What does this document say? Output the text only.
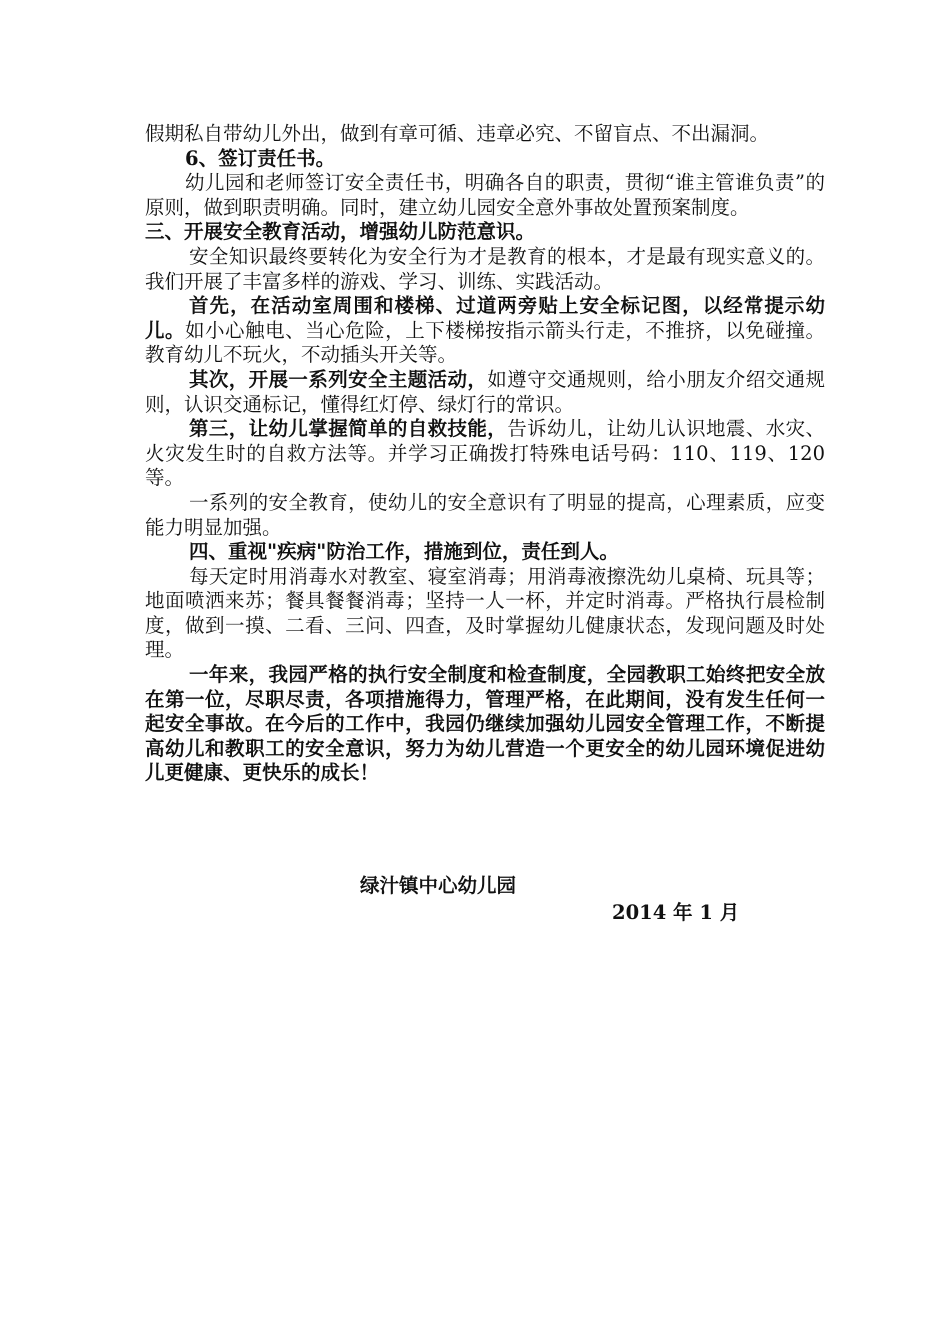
假期私自带幼儿外出，做到有章可循、违章必究、不留盲点、不出漏洞。

6、签订责任书。

幼儿园和老师签订安全责任书，明确各自的职责，贯彻“谁主管谁负责”的原则，做到职责明确。同时，建立幼儿园安全意外事故处置预案制度。

三、开展安全教育活动，增强幼儿防范意识。

安全知识最终要转化为安全行为才是教育的根本，才是最有现实意义的。我们开展了丰富多样的游戏、学习、训练、实践活动。

首先，在活动室周围和楼梯、过道两旁贴上安全标记图，以经常提示幼儿。如小心触电、当心危险，上下楼梯按指示箭头行走，不推挤，以免碰撞。教育幼儿不玩火，不动插头开关等。

其次，开展一系列安全主题活动，如遵守交通规则，给小朋友介绍交通规则，认识交通标记，懂得红灯停、绿灯行的常识。

第三，让幼儿掌握简单的自救技能，告诉幼儿，让幼儿认识地震、水灾、火灾发生时的自救方法等。并学习正确拨打特殊电话号码：110、119、120 等。

一系列的安全教育，使幼儿的安全意识有了明显的提高，心理素质，应变能力明显加强。

四、重视"疾病"防治工作，措施到位，责任到人。

每天定时用消毒水对教室、寝室消毒；用消毒液擦洗幼儿桌椅、玩具等；地面喷洒来苏；餐具餐餐消毒；坚持一人一杯，并定时消毒。严格执行晨检制度，做到一摸、二看、三问、四查，及时掌握幼儿健康状态，发现问题及时处理。

一年来，我园严格的执行安全制度和检查制度，全园教职工始终把安全放在第一位，尽职尽责，各项措施得力，管理严格，在此期间，没有发生任何一起安全事故。在今后的工作中，我园仍继续加强幼儿园安全管理工作，不断提高幼儿和教职工的安全意识，努力为幼儿营造一个更安全的幼儿园环境促进幼儿更健康、更快乐的成长！

绿汁镇中心幼儿园
2014 年 1 月
